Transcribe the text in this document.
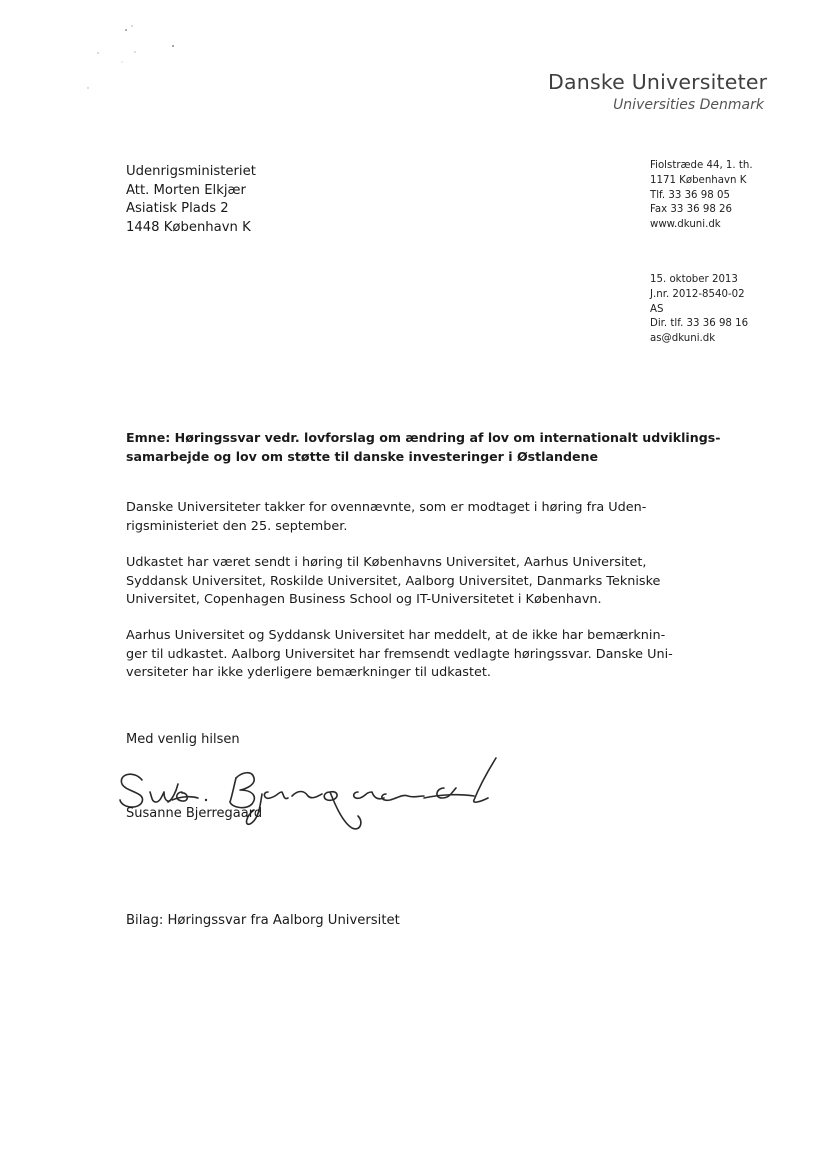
Danske Universiteter
Universities Denmark
Udenrigsministeriet
Att. Morten Elkjær
Asiatisk Plads 2
1448 København K
Fiolstræde 44, 1. th.
1171 København K
Tlf. 33 36 98 05
Fax 33 36 98 26
www.dkuni.dk
15. oktober 2013
J.nr. 2012-8540-02
AS
Dir. tlf. 33 36 98 16
as@dkuni.dk
Emne: Høringssvar vedr. lovforslag om ændring af lov om internationalt udviklings-
samarbejde og lov om støtte til danske investeringer i Østlandene
Danske Universiteter takker for ovennævnte, som er modtaget i høring fra Uden-
rigsministeriet den 25. september.
Udkastet har været sendt i høring til Københavns Universitet, Aarhus Universitet,
Syddansk Universitet, Roskilde Universitet, Aalborg Universitet, Danmarks Tekniske
Universitet, Copenhagen Business School og IT-Universitetet i København.
Aarhus Universitet og Syddansk Universitet har meddelt, at de ikke har bemærknin-
ger til udkastet. Aalborg Universitet har fremsendt vedlagte høringssvar. Danske Uni-
versiteter har ikke yderligere bemærkninger til udkastet.
Med venlig hilsen
Susanne Bjerregaard
Bilag: Høringssvar fra Aalborg Universitet
